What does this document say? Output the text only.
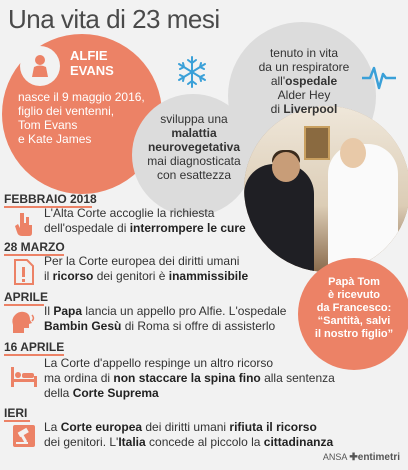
Una vita di 23 mesi
ALFIE
EVANS
nasce il 9 maggio 2016,
figlio dei ventenni,
Tom Evans
e Kate James
sviluppa una
malattia
neurovegetativa
mai diagnosticata
con esattezza
tenuto in vita
da un respiratore
all'ospedale
Alder Hey
di Liverpool
Papà Tom
è ricevuto
da Francesco:
“Santità, salvi
il nostro figlio”
FEBBRAIO 2018
L'Alta Corte accoglie la richiesta
dell'ospedale di interrompere le cure
28 MARZO
Per la Corte europea dei diritti umani
il ricorso dei genitori è inammissibile
APRILE
Il Papa lancia un appello pro Alfie. L'ospedale
Bambin Gesù di Roma si offre di assisterlo
16 APRILE
La Corte d'appello respinge un altro ricorso
ma ordina di non staccare la spina fino alla sentenza
della Corte Suprema
IERI
La Corte europea dei diritti umani rifiuta il ricorso
dei genitori. L'Italia concede al piccolo la cittadinanza
ANSA ✚entimetri
